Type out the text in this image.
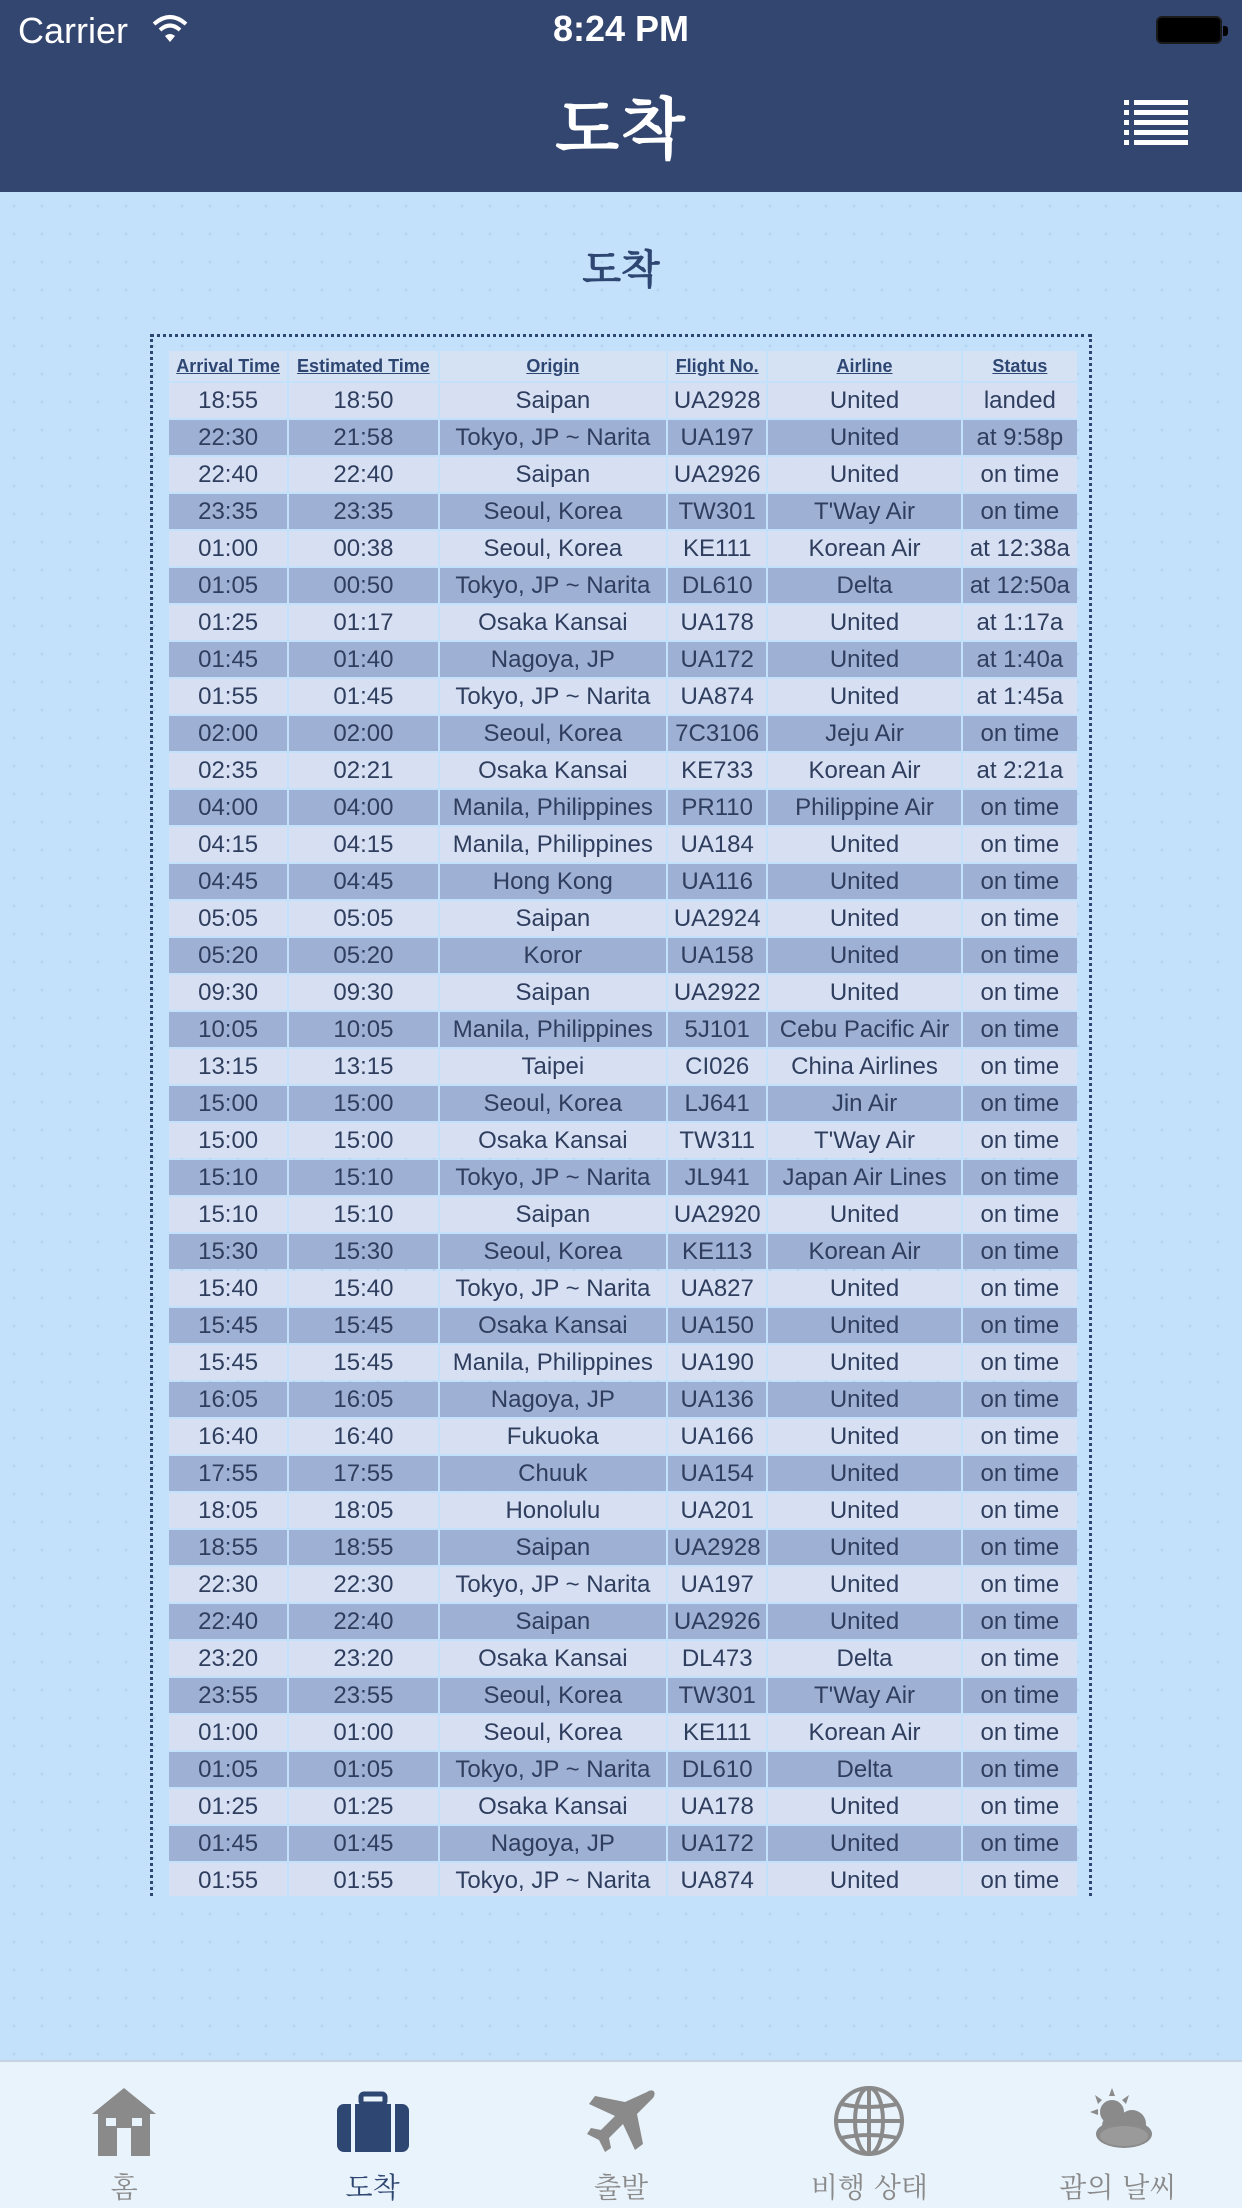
Carrier	8:24 PM
도착
도착
Arrival Time	Estimated Time	Origin	Flight No.	Airline	Status
18:55	18:50	Saipan	UA2928	United	landed
22:30	21:58	Tokyo, JP ~ Narita	UA197	United	at 9:58p
22:40	22:40	Saipan	UA2926	United	on time
23:35	23:35	Seoul, Korea	TW301	T'Way Air	on time
01:00	00:38	Seoul, Korea	KE111	Korean Air	at 12:38a
01:05	00:50	Tokyo, JP ~ Narita	DL610	Delta	at 12:50a
01:25	01:17	Osaka Kansai	UA178	United	at 1:17a
01:45	01:40	Nagoya, JP	UA172	United	at 1:40a
01:55	01:45	Tokyo, JP ~ Narita	UA874	United	at 1:45a
02:00	02:00	Seoul, Korea	7C3106	Jeju Air	on time
02:35	02:21	Osaka Kansai	KE733	Korean Air	at 2:21a
04:00	04:00	Manila, Philippines	PR110	Philippine Air	on time
04:15	04:15	Manila, Philippines	UA184	United	on time
04:45	04:45	Hong Kong	UA116	United	on time
05:05	05:05	Saipan	UA2924	United	on time
05:20	05:20	Koror	UA158	United	on time
09:30	09:30	Saipan	UA2922	United	on time
10:05	10:05	Manila, Philippines	5J101	Cebu Pacific Air	on time
13:15	13:15	Taipei	CI026	China Airlines	on time
15:00	15:00	Seoul, Korea	LJ641	Jin Air	on time
15:00	15:00	Osaka Kansai	TW311	T'Way Air	on time
15:10	15:10	Tokyo, JP ~ Narita	JL941	Japan Air Lines	on time
15:10	15:10	Saipan	UA2920	United	on time
15:30	15:30	Seoul, Korea	KE113	Korean Air	on time
15:40	15:40	Tokyo, JP ~ Narita	UA827	United	on time
15:45	15:45	Osaka Kansai	UA150	United	on time
15:45	15:45	Manila, Philippines	UA190	United	on time
16:05	16:05	Nagoya, JP	UA136	United	on time
16:40	16:40	Fukuoka	UA166	United	on time
17:55	17:55	Chuuk	UA154	United	on time
18:05	18:05	Honolulu	UA201	United	on time
18:55	18:55	Saipan	UA2928	United	on time
22:30	22:30	Tokyo, JP ~ Narita	UA197	United	on time
22:40	22:40	Saipan	UA2926	United	on time
23:20	23:20	Osaka Kansai	DL473	Delta	on time
23:55	23:55	Seoul, Korea	TW301	T'Way Air	on time
01:00	01:00	Seoul, Korea	KE111	Korean Air	on time
01:05	01:05	Tokyo, JP ~ Narita	DL610	Delta	on time
01:25	01:25	Osaka Kansai	UA178	United	on time
01:45	01:45	Nagoya, JP	UA172	United	on time
01:55	01:55	Tokyo, JP ~ Narita	UA874	United	on time
홈	도착	출발	비행 상태	괌의 날씨
